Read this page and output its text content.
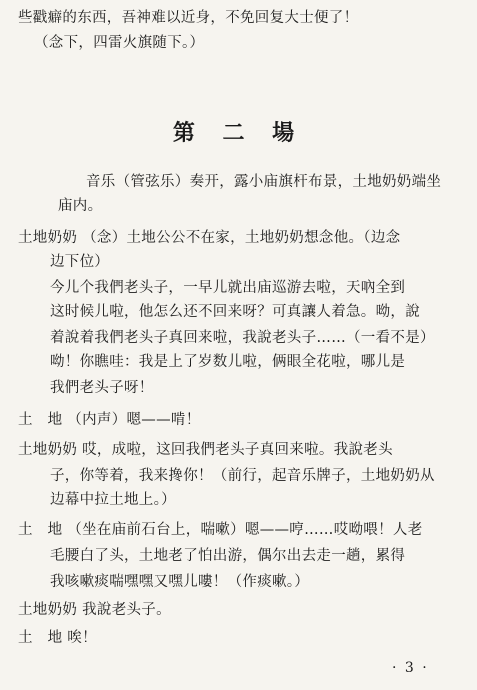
些戳癖的东西，吾神难以近身，不免回复大士便了！
（念下，四雷火旗随下。）
第 二 場
音乐（管弦乐）奏开，露小庙旗杆布景，土地奶奶端坐
庙内。
土地奶奶 （念）土地公公不在家，土地奶奶想念他。（边念
边下位）
今儿个我們老头子，一早儿就出庙巡游去啦，天吶全到
这时候儿啦，他怎么还不回来呀？可真讓人着急。呦，說
着說着我們老头子真回来啦，我說老头子……（一看不是）
呦！你瞧哇：我是上了岁数儿啦，俩眼全花啦，哪儿是
我們老头子呀！
土　地 （内声）嗯——啃！
土地奶奶 哎，成啦，这回我們老头子真回来啦。我說老头
子，你等着，我来搀你！（前行，起音乐牌子，土地奶奶从
边幕中拉土地上。）
土　地 （坐在庙前石台上，喘嗽）嗯——哼……哎呦喂！人老
毛腰白了头，土地老了怕出游，偶尔出去走一趟，累得
我咳嗽痰喘嘿嘿又嘿儿嘍！（作痰嗽。）
土地奶奶 我說老头子。
土　地 唉！
· 3 ·
